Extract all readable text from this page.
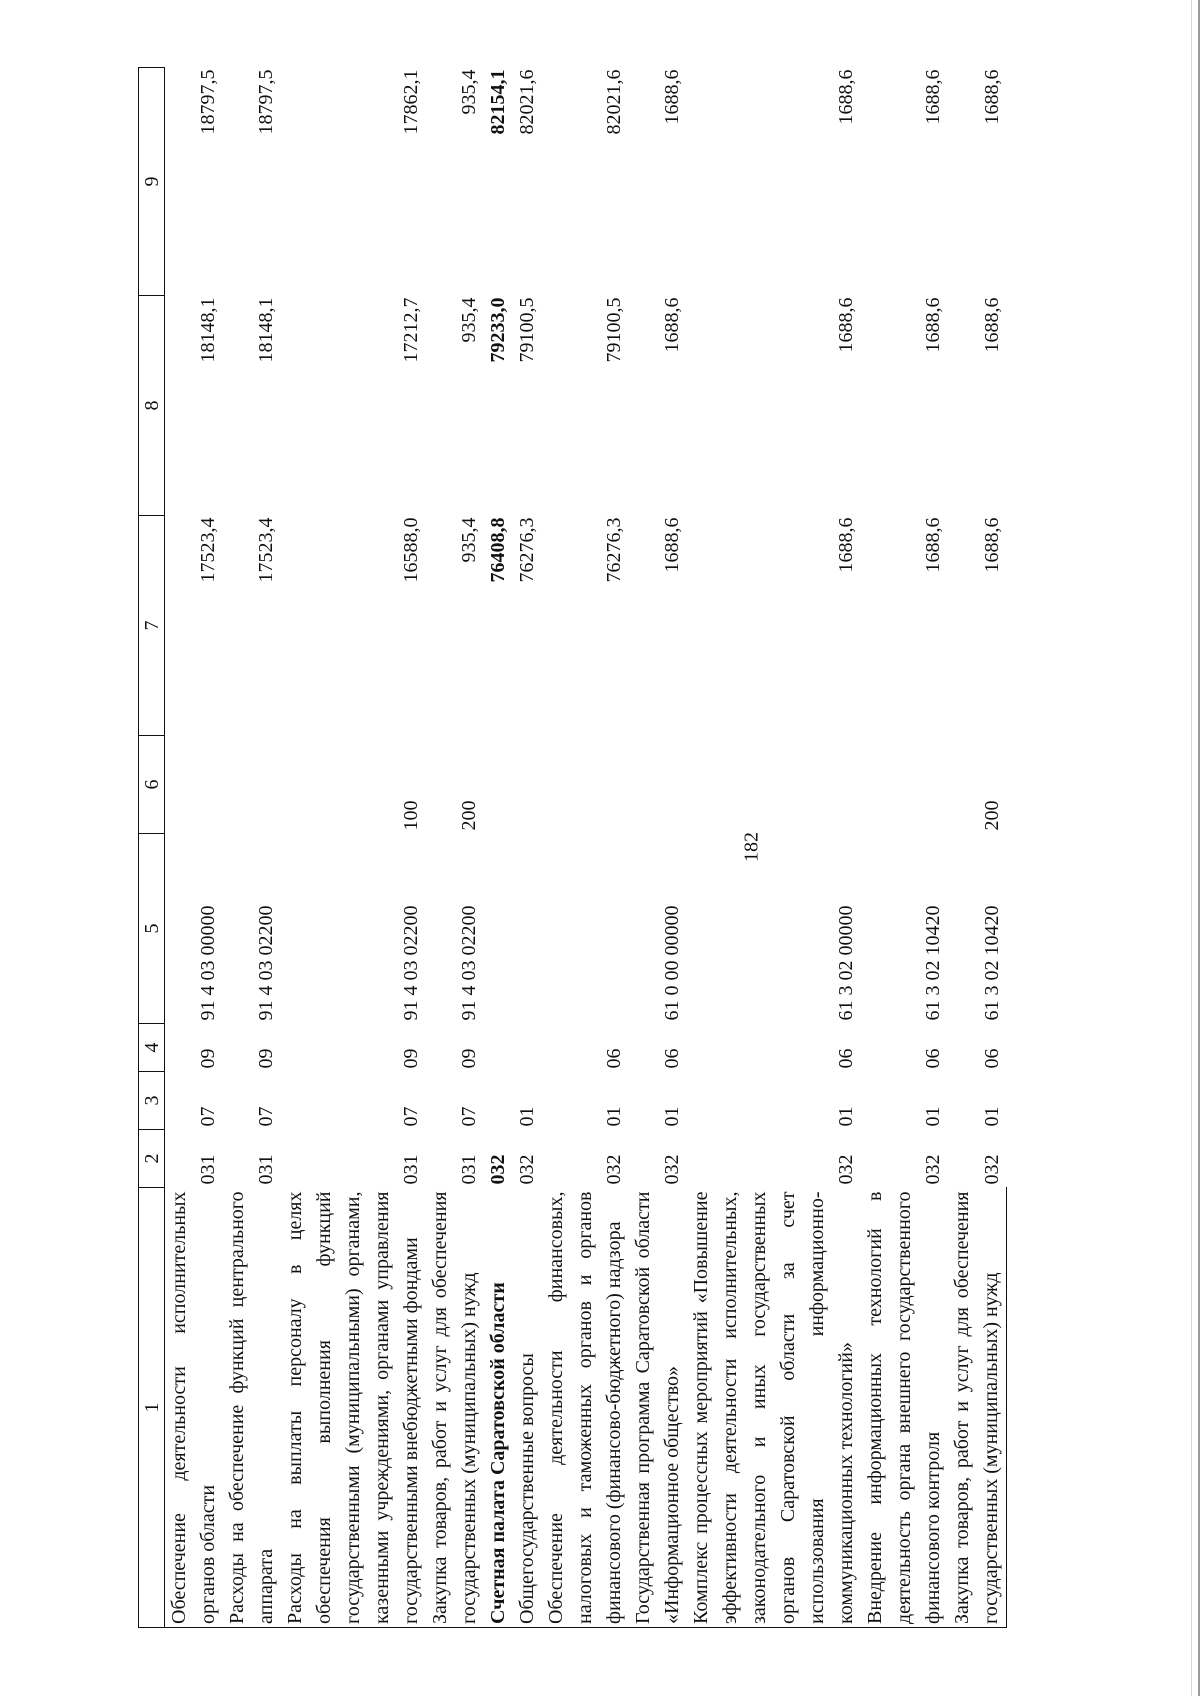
182
1	2	3	4	5	6	7	8	9
Обеспечение деятельности исполнительных органов области	031	07	09	91 4 03 00000		17523,4	18148,1	18797,5
Расходы на обеспечение функций центрального аппарата	031	07	09	91 4 03 02200		17523,4	18148,1	18797,5
Расходы на выплаты персоналу в целях обеспечения выполнения функций государственными (муниципальными) органами, казенными учреждениями, органами управления государственными внебюджетными фондами	031	07	09	91 4 03 02200	100	16588,0	17212,7	17862,1
Закупка товаров, работ и услуг для обеспечения государственных (муниципальных) нужд	031	07	09	91 4 03 02200	200	935,4	935,4	935,4
Счетная палата Саратовской области	032					76408,8	79233,0	82154,1
Общегосударственные вопросы	032	01				76276,3	79100,5	82021,6
Обеспечение деятельности финансовых, налоговых и таможенных органов и органов финансового (финансово-бюджетного) надзора	032	01	06			76276,3	79100,5	82021,6
Государственная программа Саратовской области «Информационное общество»	032	01	06	61 0 00 00000		1688,6	1688,6	1688,6
Комплекс процессных мероприятий «Повышение эффективности деятельности исполнительных, законодательного и иных государственных органов Саратовской области за счет использования информационно-коммуникационных технологий»	032	01	06	61 3 02 00000		1688,6	1688,6	1688,6
Внедрение информационных технологий в деятельность органа внешнего государственного финансового контроля	032	01	06	61 3 02 10420		1688,6	1688,6	1688,6
Закупка товаров, работ и услуг для обеспечения государственных (муниципальных) нужд	032	01	06	61 3 02 10420	200	1688,6	1688,6	1688,6
